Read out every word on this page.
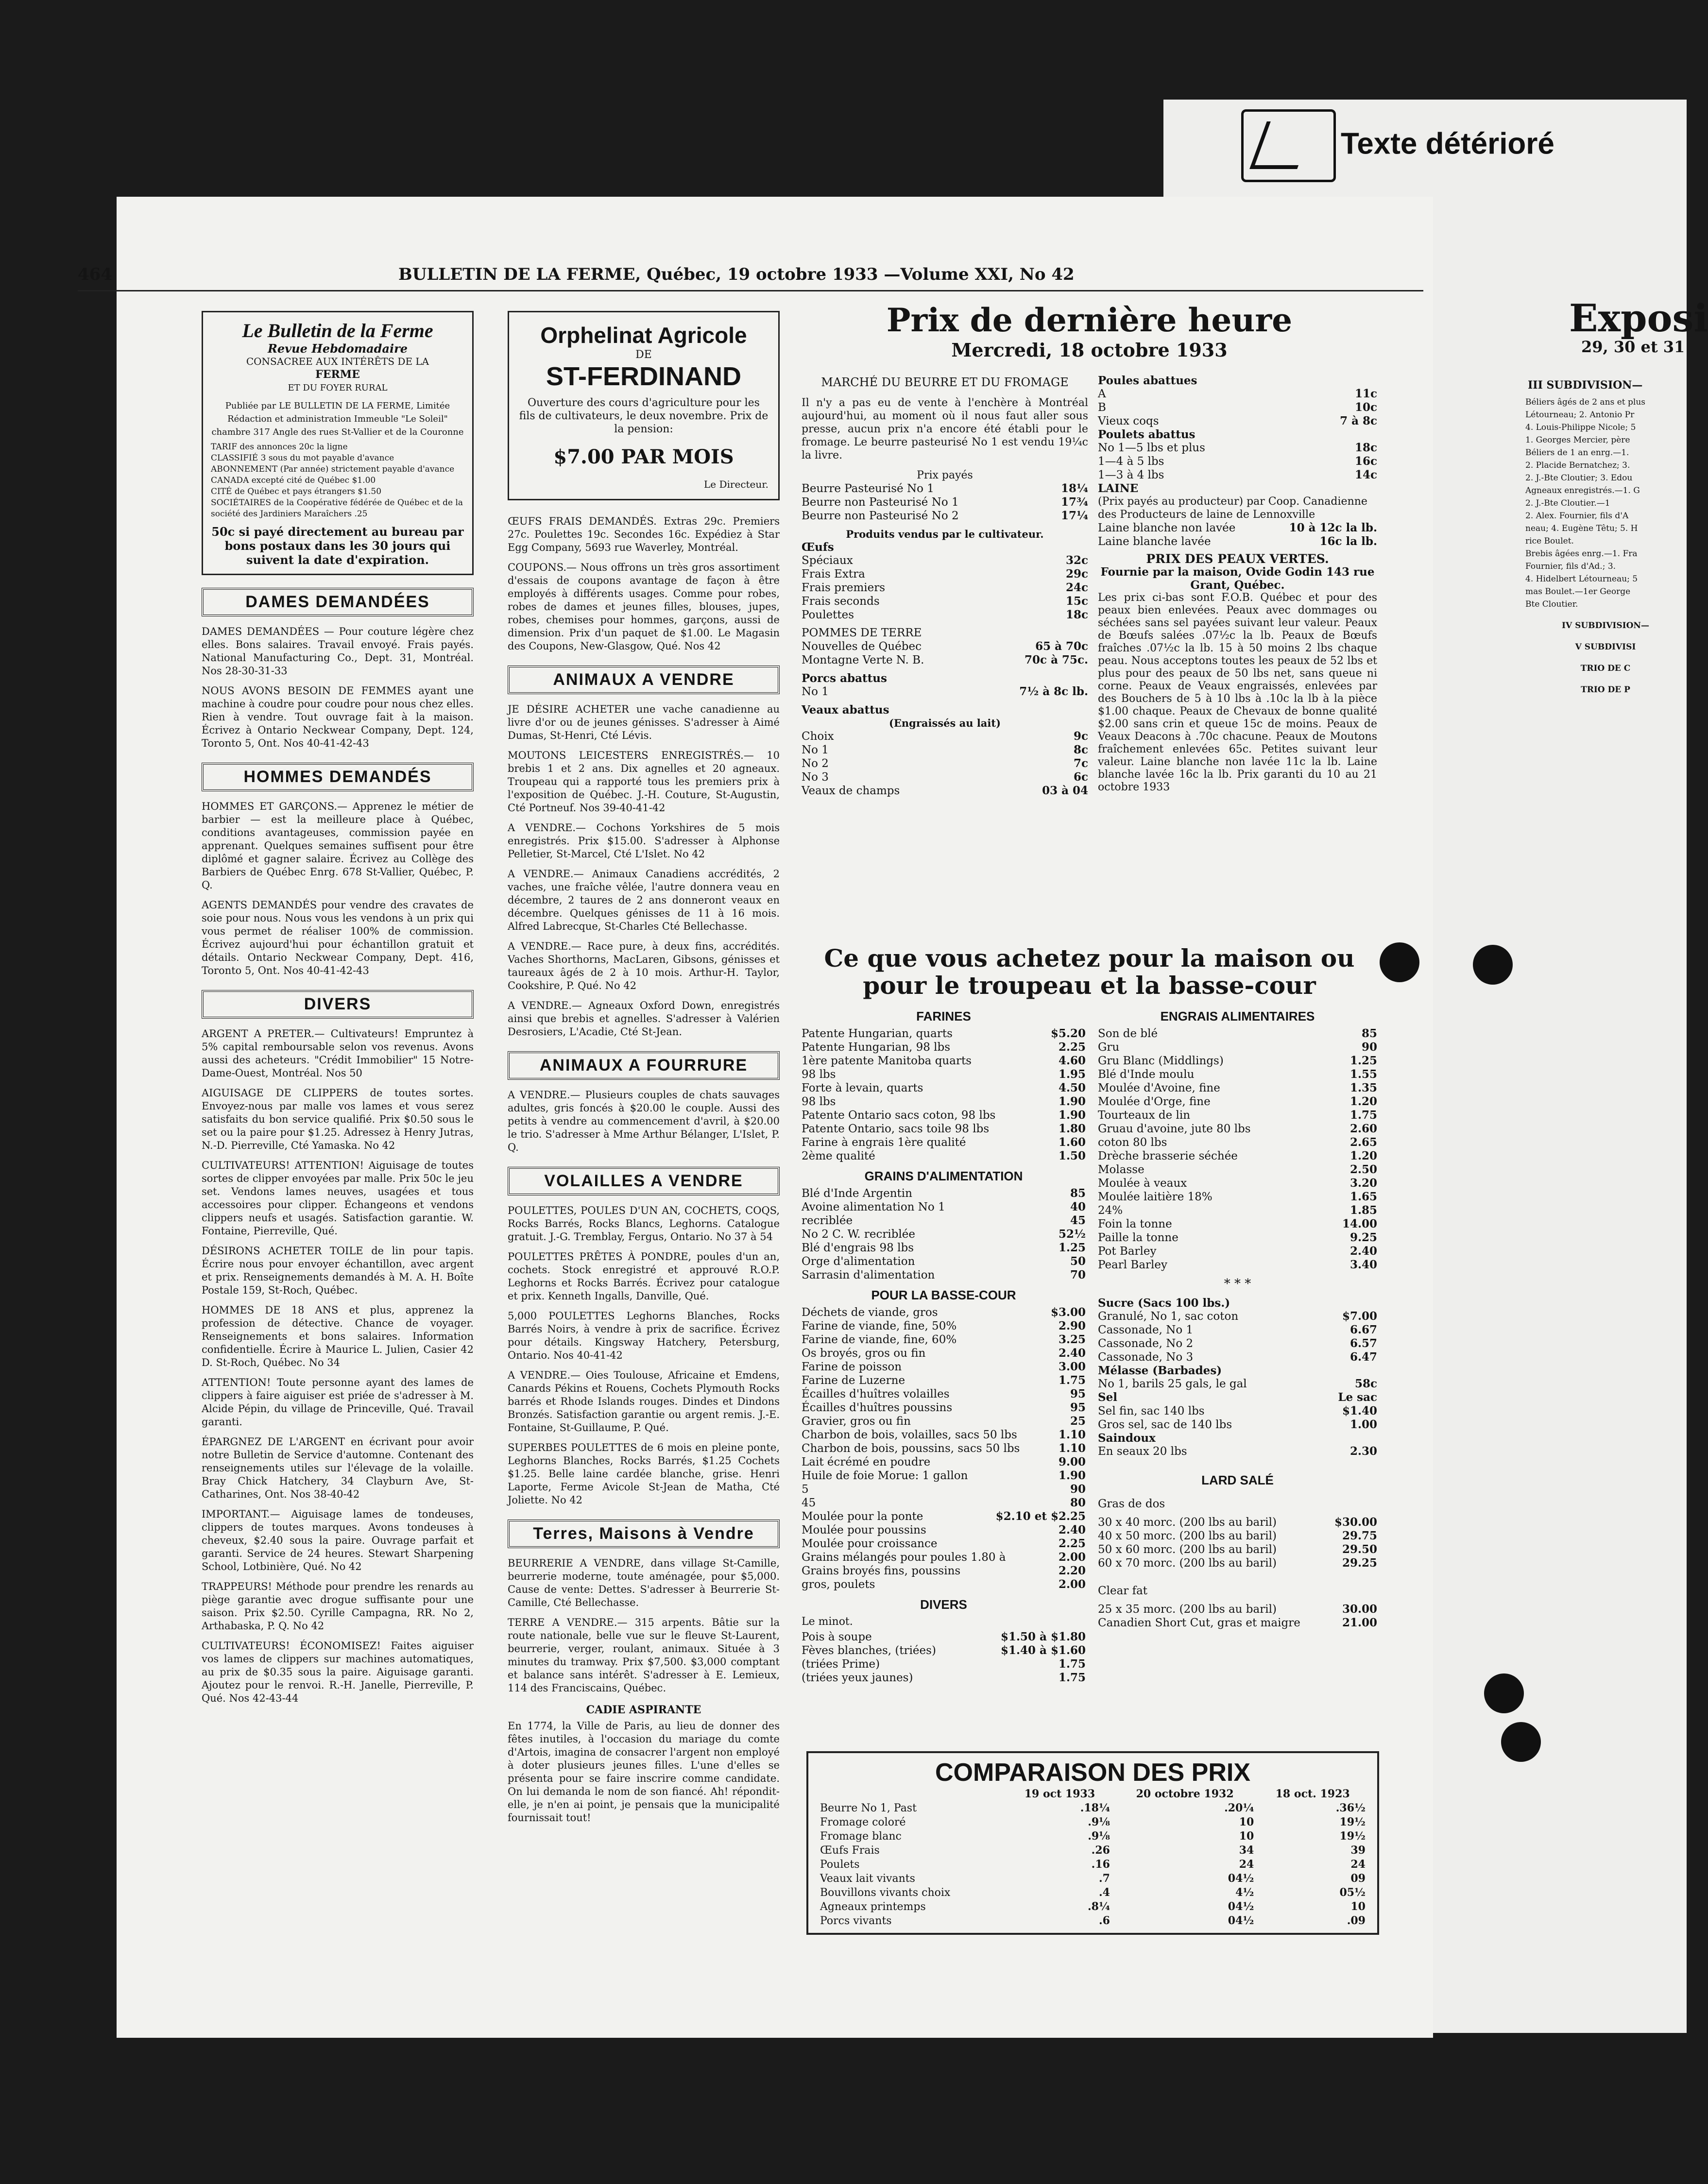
Exposi
29, 30 et 31
III SUBDIVISION—
Béliers âgés de 2 ans et plus
Létourneau; 2. Antonio Pr
4. Louis-Philippe Nicole; 5
1. Georges Mercier, père
Béliers de 1 an enrg.—1.
2. Placide Bernatchez; 3.
2. J.-Bte Cloutier; 3. Edou
Agneaux enregistrés.—1. G
2. J.-Bte Cloutier.—1
2. Alex. Fournier, fils d'A
neau; 4. Eugène Têtu; 5. H
rice Boulet.
Brebis âgées enrg.—1. Fra
Fournier, fils d'Ad.; 3.
4. Hidelbert Létourneau; 5
mas Boulet.—1er George
Bte Cloutier.
IV SUBDIVISION—
V SUBDIVISI
TRIO DE C
TRIO DE P
Texte détérioré
464	BULLETIN DE LA FERME, Québec, 19 octobre 1933 —Volume XXI, No 42
Le Bulletin de la Ferme
Revue Hebdomadaire
CONSACREE AUX INTÉRÊTS DE LA
FERME
ET DU FOYER RURAL
Publiée par LE BULLETIN DE LA FERME, Limitée
Rédaction et administration Immeuble "Le Soleil" chambre 317 Angle des rues St-Vallier et de la Couronne
TARIF des annonces 20c la ligne
CLASSIFIÉ 3 sous du mot payable d'avance
ABONNEMENT (Par année) strictement payable d'avance
CANADA excepté cité de Québec $1.00
CITÉ de Québec et pays étrangers $1.50
SOCIÉTAIRES de la Coopérative fédérée de Québec et de la société des Jardiniers Maraîchers .25
50c si payé directement au bureau par bons postaux dans les 30 jours qui suivent la date d'expiration.
DAMES DEMANDÉES
DAMES DEMANDÉES — Pour couture légère chez elles. Bons salaires. Travail envoyé. Frais payés. National Manufacturing Co., Dept. 31, Montréal. Nos 28-30-31-33
NOUS AVONS BESOIN DE FEMMES ayant une machine à coudre pour coudre pour nous chez elles. Rien à vendre. Tout ouvrage fait à la maison. Écrivez à Ontario Neckwear Company, Dept. 124, Toronto 5, Ont. Nos 40-41-42-43
HOMMES DEMANDÉS
HOMMES ET GARÇONS.— Apprenez le métier de barbier — est la meilleure place à Québec, conditions avantageuses, commission payée en apprenant. Quelques semaines suffisent pour être diplômé et gagner salaire. Écrivez au Collège des Barbiers de Québec Enrg. 678 St-Vallier, Québec, P. Q.
AGENTS DEMANDÉS pour vendre des cravates de soie pour nous. Nous vous les vendons à un prix qui vous permet de réaliser 100% de commission. Écrivez aujourd'hui pour échantillon gratuit et détails. Ontario Neckwear Company, Dept. 416, Toronto 5, Ont. Nos 40-41-42-43
DIVERS
ARGENT A PRETER.— Cultivateurs! Empruntez à 5% capital remboursable selon vos revenus. Avons aussi des acheteurs. "Crédit Immobilier" 15 Notre-Dame-Ouest, Montréal. Nos 50
AIGUISAGE DE CLIPPERS de toutes sortes. Envoyez-nous par malle vos lames et vous serez satisfaits du bon service qualifié. Prix $0.50 sous le set ou la paire pour $1.25. Adressez à Henry Jutras, N.-D. Pierreville, Cté Yamaska. No 42
CULTIVATEURS! ATTENTION! Aiguisage de toutes sortes de clipper envoyées par malle. Prix 50c le jeu set. Vendons lames neuves, usagées et tous accessoires pour clipper. Échangeons et vendons clippers neufs et usagés. Satisfaction garantie. W. Fontaine, Pierreville, Qué.
DÉSIRONS ACHETER TOILE de lin pour tapis. Écrire nous pour envoyer échantillon, avec argent et prix. Renseignements demandés à M. A. H. Boîte Postale 159, St-Roch, Québec.
HOMMES DE 18 ANS et plus, apprenez la profession de détective. Chance de voyager. Renseignements et bons salaires. Information confidentielle. Écrire à Maurice L. Julien, Casier 42 D. St-Roch, Québec. No 34
ATTENTION! Toute personne ayant des lames de clippers à faire aiguiser est priée de s'adresser à M. Alcide Pépin, du village de Princeville, Qué. Travail garanti.
ÉPARGNEZ DE L'ARGENT en écrivant pour avoir notre Bulletin de Service d'automne. Contenant des renseignements utiles sur l'élevage de la volaille. Bray Chick Hatchery, 34 Clayburn Ave, St-Catharines, Ont. Nos 38-40-42
IMPORTANT.— Aiguisage lames de tondeuses, clippers de toutes marques. Avons tondeuses à cheveux, $2.40 sous la paire. Ouvrage parfait et garanti. Service de 24 heures. Stewart Sharpening School, Lotbinière, Qué. No 42
TRAPPEURS! Méthode pour prendre les renards au piège garantie avec drogue suffisante pour une saison. Prix $2.50. Cyrille Campagna, RR. No 2, Arthabaska, P. Q. No 42
CULTIVATEURS! ÉCONOMISEZ! Faites aiguiser vos lames de clippers sur machines automatiques, au prix de $0.35 sous la paire. Aiguisage garanti. Ajoutez pour le renvoi. R.-H. Janelle, Pierreville, P. Qué. Nos 42-43-44
Orphelinat Agricole
DE
ST-FERDINAND
Ouverture des cours d'agriculture pour les fils de cultivateurs, le deux novembre. Prix de la pension:
$7.00 PAR MOIS
Le Directeur.
ŒUFS FRAIS DEMANDÉS. Extras 29c. Premiers 27c. Poulettes 19c. Secondes 16c. Expédiez à Star Egg Company, 5693 rue Waverley, Montréal.
COUPONS.— Nous offrons un très gros assortiment d'essais de coupons avantage de façon à être employés à différents usages. Comme pour robes, robes de dames et jeunes filles, blouses, jupes, robes, chemises pour hommes, garçons, aussi de dimension. Prix d'un paquet de $1.00. Le Magasin des Coupons, New-Glasgow, Qué. Nos 42
ANIMAUX A VENDRE
JE DÉSIRE ACHETER une vache canadienne au livre d'or ou de jeunes génisses. S'adresser à Aimé Dumas, St-Henri, Cté Lévis.
MOUTONS LEICESTERS ENREGISTRÉS.— 10 brebis 1 et 2 ans. Dix agnelles et 20 agneaux. Troupeau qui a rapporté tous les premiers prix à l'exposition de Québec. J.-H. Couture, St-Augustin, Cté Portneuf. Nos 39-40-41-42
A VENDRE.— Cochons Yorkshires de 5 mois enregistrés. Prix $15.00. S'adresser à Alphonse Pelletier, St-Marcel, Cté L'Islet. No 42
A VENDRE.— Animaux Canadiens accrédités, 2 vaches, une fraîche vêlée, l'autre donnera veau en décembre, 2 taures de 2 ans donneront veaux en décembre. Quelques génisses de 11 à 16 mois. Alfred Labrecque, St-Charles Cté Bellechasse.
A VENDRE.— Race pure, à deux fins, accrédités. Vaches Shorthorns, MacLaren, Gibsons, génisses et taureaux âgés de 2 à 10 mois. Arthur-H. Taylor, Cookshire, P. Qué. No 42
A VENDRE.— Agneaux Oxford Down, enregistrés ainsi que brebis et agnelles. S'adresser à Valérien Desrosiers, L'Acadie, Cté St-Jean.
ANIMAUX A FOURRURE
A VENDRE.— Plusieurs couples de chats sauvages adultes, gris foncés à $20.00 le couple. Aussi des petits à vendre au commencement d'avril, à $20.00 le trio. S'adresser à Mme Arthur Bélanger, L'Islet, P. Q.
VOLAILLES A VENDRE
POULETTES, POULES D'UN AN, COCHETS, COQS, Rocks Barrés, Rocks Blancs, Leghorns. Catalogue gratuit. J.-G. Tremblay, Fergus, Ontario. No 37 à 54
POULETTES PRÊTES À PONDRE, poules d'un an, cochets. Stock enregistré et approuvé R.O.P. Leghorns et Rocks Barrés. Écrivez pour catalogue et prix. Kenneth Ingalls, Danville, Qué.
5,000 POULETTES Leghorns Blanches, Rocks Barrés Noirs, à vendre à prix de sacrifice. Écrivez pour détails. Kingsway Hatchery, Petersburg, Ontario. Nos 40-41-42
A VENDRE.— Oies Toulouse, Africaine et Emdens, Canards Pékins et Rouens, Cochets Plymouth Rocks barrés et Rhode Islands rouges. Dindes et Dindons Bronzés. Satisfaction garantie ou argent remis. J.-E. Fontaine, St-Guillaume, P. Qué.
SUPERBES POULETTES de 6 mois en pleine ponte, Leghorns Blanches, Rocks Barrés, $1.25 Cochets $1.25. Belle laine cardée blanche, grise. Henri Laporte, Ferme Avicole St-Jean de Matha, Cté Joliette. No 42
Terres, Maisons à Vendre
BEURRERIE A VENDRE, dans village St-Camille, beurrerie moderne, toute aménagée, pour $5,000. Cause de vente: Dettes. S'adresser à Beurrerie St-Camille, Cté Bellechasse.
TERRE A VENDRE.— 315 arpents. Bâtie sur la route nationale, belle vue sur le fleuve St-Laurent, beurrerie, verger, roulant, animaux. Située à 3 minutes du tramway. Prix $7,500. $3,000 comptant et balance sans intérêt. S'adresser à E. Lemieux, 114 des Franciscains, Québec.
CADIE ASPIRANTE
En 1774, la Ville de Paris, au lieu de donner des fêtes inutiles, à l'occasion du mariage du comte d'Artois, imagina de consacrer l'argent non employé à doter plusieurs jeunes filles. L'une d'elles se présenta pour se faire inscrire comme candidate. On lui demanda le nom de son fiancé. Ah! répondit-elle, je n'en ai point, je pensais que la municipalité fournissait tout!
Prix de dernière heure
Mercredi, 18 octobre 1933
MARCHÉ DU BEURRE ET DU FROMAGE
Il n'y a pas eu de vente à l'enchère à Montréal aujourd'hui, au moment où il nous faut aller sous presse, aucun prix n'a encore été établi pour le fromage. Le beurre pasteurisé No 1 est vendu 19¼c la livre.
Prix payés
Beurre Pasteurisé No 1	18¼
Beurre non Pasteurisé No 1	17¾
Beurre non Pasteurisé No 2	17¼
Produits vendus par le cultivateur.
Œufs
Spéciaux	32c
Frais Extra	29c
Frais premiers	24c
Frais seconds	15c
Poulettes	18c
POMMES DE TERRE
Nouvelles de Québec	65 à 70c
Montagne Verte N. B.	70c à 75c.
Porcs abattus
No 1	7½ à 8c lb.
Veaux abattus
(Engraissés au lait)
Choix	9c
No 1	8c
No 2	7c
No 3	6c
Veaux de champs	03 à 04
Poules abattues
A	11c
B	10c
Vieux coqs	7 à 8c
Poulets abattus
No 1—5 lbs et plus	18c
1—4 à 5 lbs	16c
1—3 à 4 lbs	14c
LAINE
(Prix payés au producteur) par Coop. Canadienne des Producteurs de laine de Lennoxville
Laine blanche non lavée	10 à 12c la lb.
Laine blanche lavée	16c la lb.
PRIX DES PEAUX VERTES.
Fournie par la maison, Ovide Godin 143 rue Grant, Québec.
Les prix ci-bas sont F.O.B. Québec et pour des peaux bien enlevées. Peaux avec dommages ou séchées sans sel payées suivant leur valeur. Peaux de Bœufs salées .07½c la lb. Peaux de Bœufs fraîches .07½c la lb. 15 à 50 moins 2 lbs chaque peau. Nous acceptons toutes les peaux de 52 lbs et plus pour des peaux de 50 lbs net, sans queue ni corne. Peaux de Veaux engraissés, enlevées par des Bouchers de 5 à 10 lbs à .10c la lb à la pièce $1.00 chaque. Peaux de Chevaux de bonne qualité $2.00 sans crin et queue 15c de moins. Peaux de Veaux Deacons à .70c chacune. Peaux de Moutons fraîchement enlevées 65c. Petites suivant leur valeur. Laine blanche non lavée 11c la lb. Laine blanche lavée 16c la lb. Prix garanti du 10 au 21 octobre 1933
Ce que vous achetez pour la maison ou pour le troupeau et la basse-cour
FARINES
Patente Hungarian, quarts	$5.20
Patente Hungarian, 98 lbs	2.25
1ère patente Manitoba quarts	4.60
98 lbs	1.95
Forte à levain, quarts	4.50
98 lbs	1.90
Patente Ontario sacs coton, 98 lbs	1.90
Patente Ontario, sacs toile 98 lbs	1.80
Farine à engrais 1ère qualité	1.60
2ème qualité	1.50
GRAINS D'ALIMENTATION
Blé d'Inde Argentin	85
Avoine alimentation No 1	40
recriblée	45
No 2 C. W. recriblée	52½
Blé d'engrais 98 lbs	1.25
Orge d'alimentation	50
Sarrasin d'alimentation	70
POUR LA BASSE-COUR
Déchets de viande, gros	$3.00
Farine de viande, fine, 50%	2.90
Farine de viande, fine, 60%	3.25
Os broyés, gros ou fin	2.40
Farine de poisson	3.00
Farine de Luzerne	1.75
Écailles d'huîtres volailles	95
Écailles d'huîtres poussins	95
Gravier, gros ou fin	25
Charbon de bois, volailles, sacs 50 lbs	1.10
Charbon de bois, poussins, sacs 50 lbs	1.10
Lait écrémé en poudre	9.00
Huile de foie Morue: 1 gallon	1.90
5	90
45	80
Moulée pour la ponte	$2.10 et $2.25
Moulée pour poussins	2.40
Moulée pour croissance	2.25
Grains mélangés pour poules 1.80 à	2.00
Grains broyés fins, poussins	2.20
gros, poulets	2.00
DIVERS
Le minot.
Pois à soupe	$1.50 à $1.80
Fèves blanches, (triées)	$1.40 à $1.60
(triées Prime)	1.75
(triées yeux jaunes)	1.75
ENGRAIS ALIMENTAIRES
Son de blé	85
Gru	90
Gru Blanc (Middlings)	1.25
Blé d'Inde moulu	1.55
Moulée d'Avoine, fine	1.35
Moulée d'Orge, fine	1.20
Tourteaux de lin	1.75
Gruau d'avoine, jute 80 lbs	2.60
coton 80 lbs	2.65
Drèche brasserie séchée	1.20
Molasse	2.50
Moulée à veaux	3.20
Moulée laitière 18%	1.65
24%	1.85
Foin la tonne	14.00
Paille la tonne	9.25
Pot Barley	2.40
Pearl Barley	3.40
* * *
Sucre (Sacs 100 lbs.)
Granulé, No 1, sac coton	$7.00
Cassonade, No 1	6.67
Cassonade, No 2	6.57
Cassonade, No 3	6.47
Mélasse (Barbades)
No 1, barils 25 gals, le gal	58c
Sel	Le sac
Sel fin, sac 140 lbs	$1.40
Gros sel, sac de 140 lbs	1.00
Saindoux
En seaux 20 lbs	2.30
LARD SALÉ
Gras de dos
30 x 40 morc. (200 lbs au baril)	$30.00
40 x 50 morc. (200 lbs au baril)	29.75
50 x 60 morc. (200 lbs au baril)	29.50
60 x 70 morc. (200 lbs au baril)	29.25
Clear fat
25 x 35 morc. (200 lbs au baril)	30.00
Canadien Short Cut, gras et maigre	21.00
COMPARAISON DES PRIX
	19 oct 1933	20 octobre 1932	18 oct. 1923
Beurre No 1, Past	.18¼	.20¼	.36½
Fromage coloré	.9⅛	10	19½
Fromage blanc	.9⅛	10	19½
Œufs Frais	.26	34	39
Poulets	.16	24	24
Veaux lait vivants	.7	04½	09
Bouvillons vivants choix	.4	4½	05½
Agneaux printemps	.8¼	04½	10
Porcs vivants	.6	04½	.09
